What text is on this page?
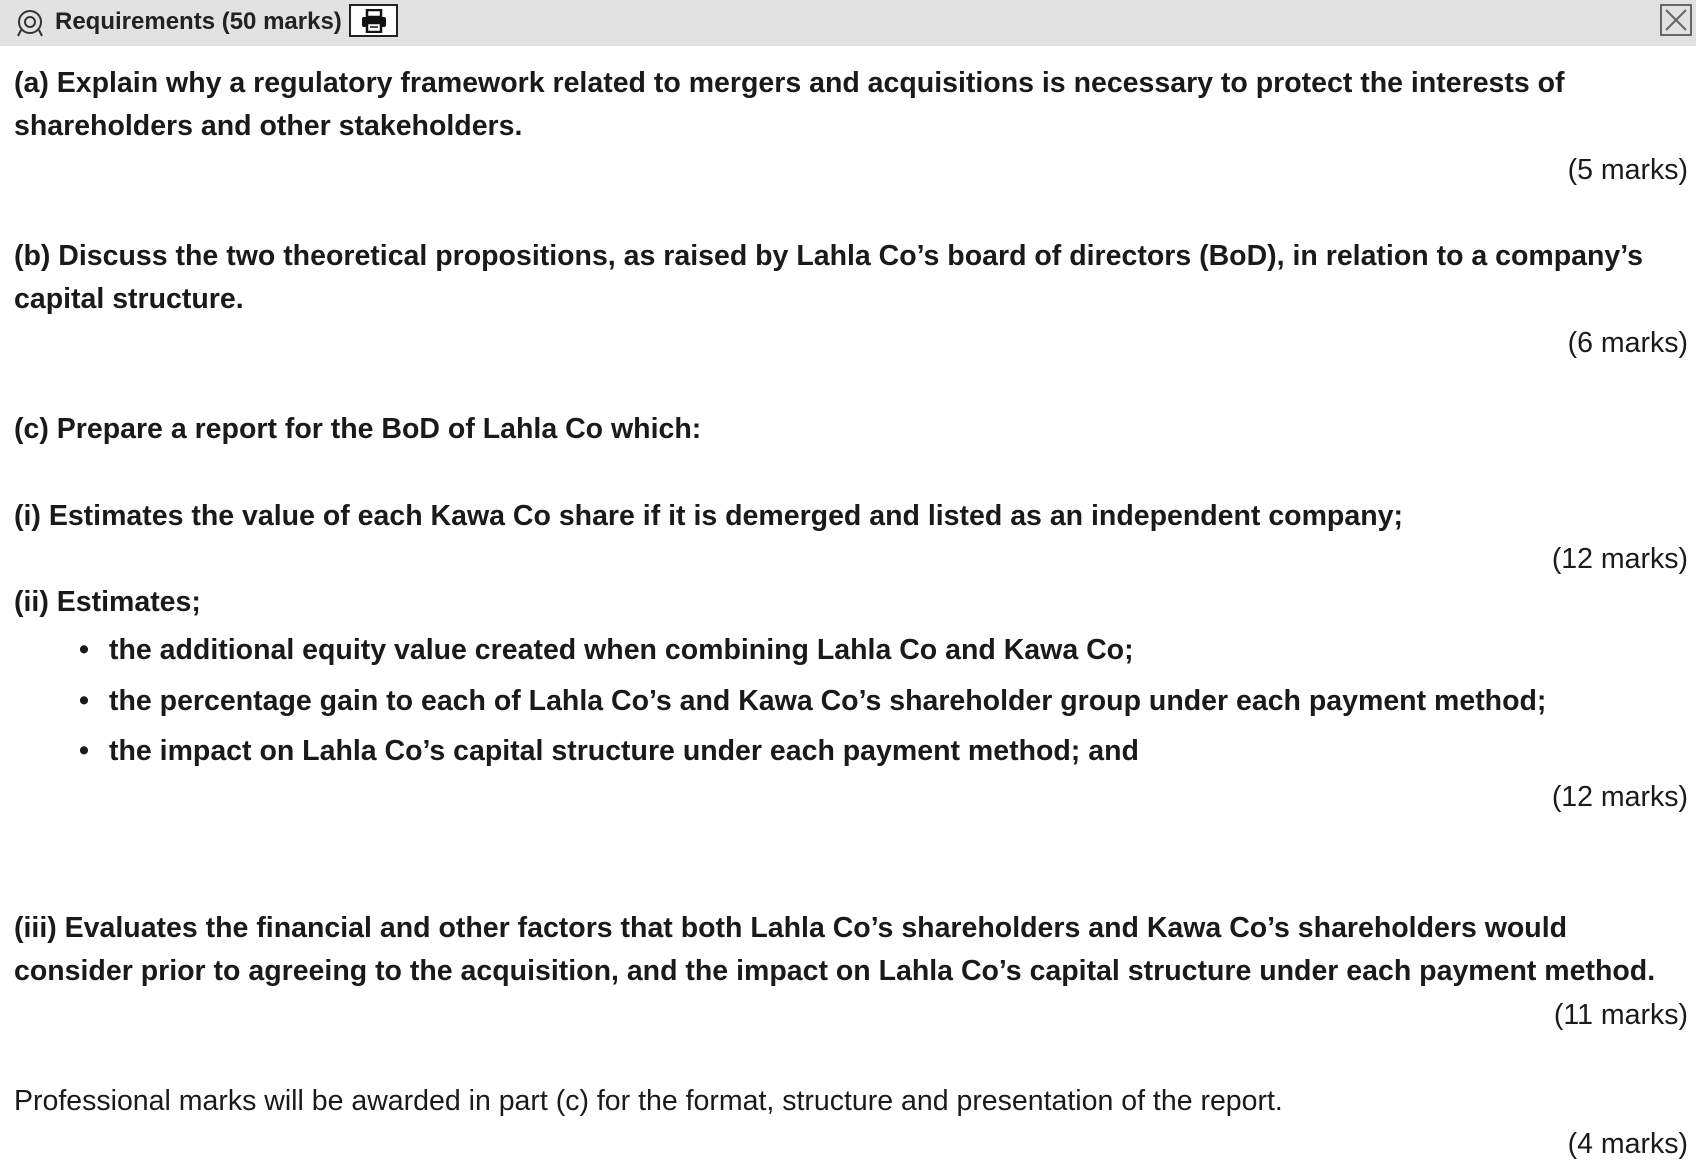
Requirements (50 marks)
(a) Explain why a regulatory framework related to mergers and acquisitions is necessary to protect the interests of shareholders and other stakeholders.
(5 marks)
(b) Discuss the two theoretical propositions, as raised by Lahla Co’s board of directors (BoD), in relation to a company’s capital structure.
(6 marks)
(c) Prepare a report for the BoD of Lahla Co which:
(i) Estimates the value of each Kawa Co share if it is demerged and listed as an independent company;
(12 marks)
(ii) Estimates;
• the additional equity value created when combining Lahla Co and Kawa Co;
• the percentage gain to each of Lahla Co’s and Kawa Co’s shareholder group under each payment method;
• the impact on Lahla Co’s capital structure under each payment method; and
(12 marks)
(iii) Evaluates the financial and other factors that both Lahla Co’s shareholders and Kawa Co’s shareholders would consider prior to agreeing to the acquisition, and the impact on Lahla Co’s capital structure under each payment method.
(11 marks)
Professional marks will be awarded in part (c) for the format, structure and presentation of the report.
(4 marks)
